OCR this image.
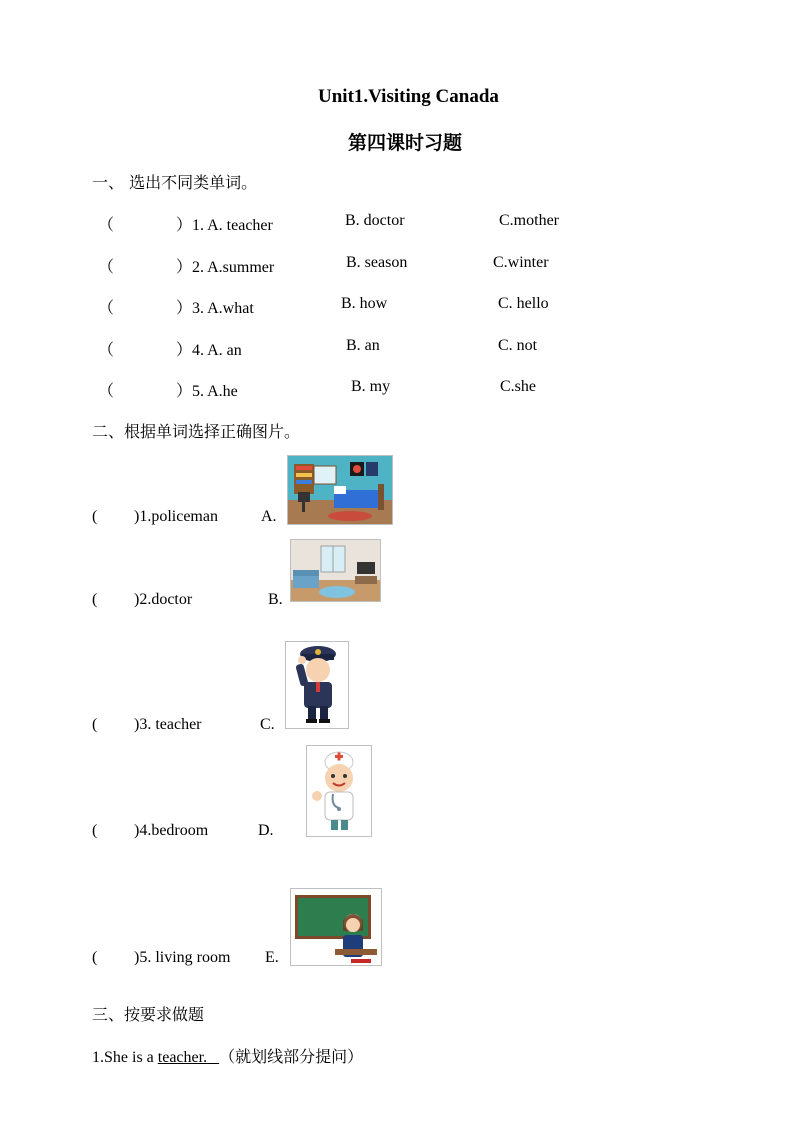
Unit1.Visiting Canada
第四课时习题
一、 选出不同类单词。
（	）1. A. teacher	B. doctor	C.mother
（	）2. A.summer	B. season	C.winter
（	）3. A.what	B. how	C. hello
（	）4. A. an	B. an	C. not
（	）5. A.he	B. my	C.she
二、根据单词选择正确图片。
( )1.policeman	A.
( )2.doctor	B.
( )3. teacher	C.
( )4.bedroom	D.
( )5. living room E.
三、按要求做题
1.She is a teacher. （就划线部分提问）
